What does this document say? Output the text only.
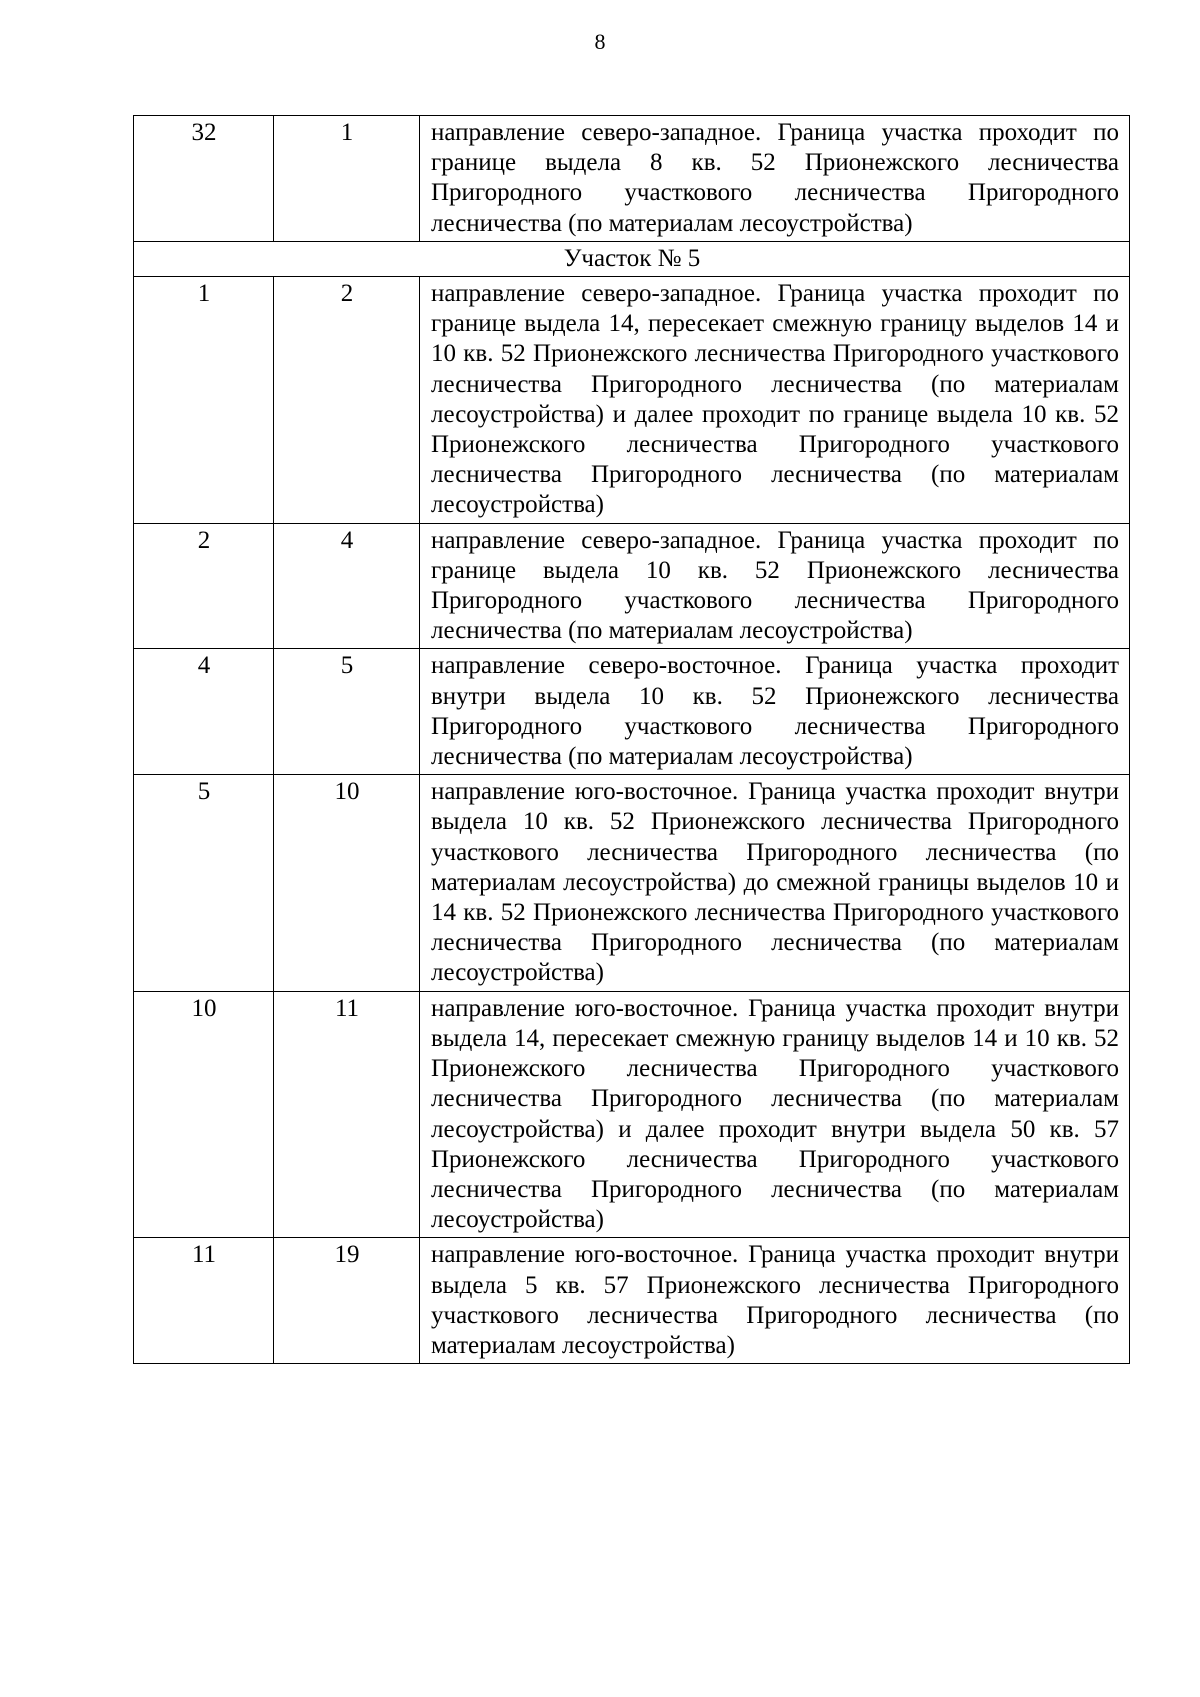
8
32	1	направление северо-западное. Граница участка проходит по границе выдела 8 кв. 52 Прионежского лесничества Пригородного участкового лесничества Пригородного лесничества (по материалам лесоустройства)
Участок № 5		
1	2	направление северо-западное. Граница участка проходит по границе выдела 14, пересекает смежную границу выделов 14 и 10 кв. 52 Прионежского лесничества Пригородного участкового лесничества Пригородного лесничества (по материалам лесоустройства) и далее проходит по границе выдела 10 кв. 52 Прионежского лесничества Пригородного участкового лесничества Пригородного лесничества (по материалам лесоустройства)
2	4	направление северо-западное. Граница участка проходит по границе выдела 10 кв. 52 Прионежского лесничества Пригородного участкового лесничества Пригородного лесничества (по материалам лесоустройства)
4	5	направление северо-восточное. Граница участка проходит внутри выдела 10 кв. 52 Прионежского лесничества Пригородного участкового лесничества Пригородного лесничества (по материалам лесоустройства)
5	10	направление юго-восточное. Граница участка проходит внутри выдела 10 кв. 52 Прионежского лесничества Пригородного участкового лесничества Пригородного лесничества (по материалам лесоустройства) до смежной границы выделов 10 и 14 кв. 52 Прионежского лесничества Пригородного участкового лесничества Пригородного лесничества (по материалам лесоустройства)
10	11	направление юго-восточное. Граница участка проходит внутри выдела 14, пересекает смежную границу выделов 14 и 10 кв. 52 Прионежского лесничества Пригородного участкового лесничества Пригородного лесничества (по материалам лесоустройства) и далее проходит внутри выдела 50 кв. 57 Прионежского лесничества Пригородного участкового лесничества Пригородного лесничества (по материалам лесоустройства)
11	19	направление юго-восточное. Граница участка проходит внутри выдела 5 кв. 57 Прионежского лесничества Пригородного участкового лесничества Пригородного лесничества (по материалам лесоустройства)
